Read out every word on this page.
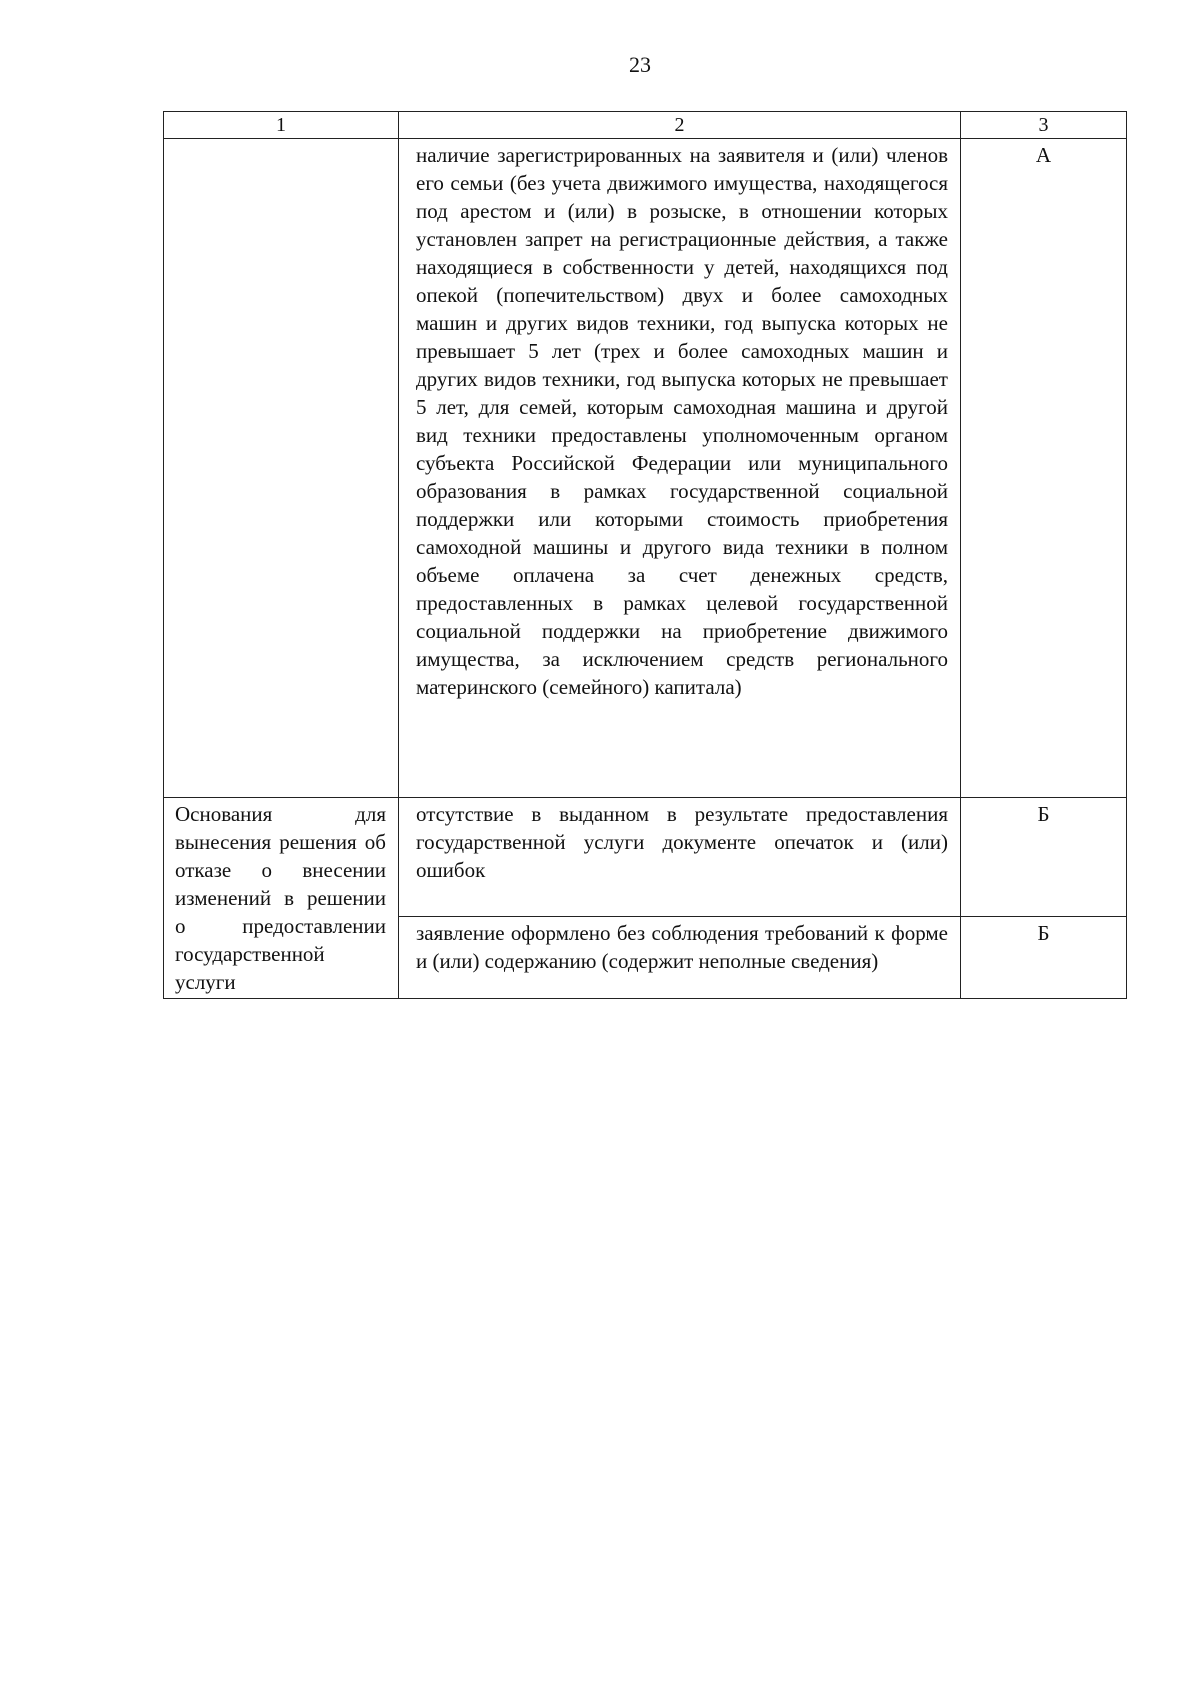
23
1	2	3

	наличие зарегистрированных на заявителя и (или) членов его семьи (без учета движимого имущества, находящегося под арестом и (или) в розыске, в отношении которых установлен запрет на регистрационные действия, а также находящиеся в собственности у детей, находящихся под опекой (попечительством) двух и более самоходных машин и других видов техники, год выпуска которых не превышает 5 лет (трех и более самоходных машин и других видов техники, год выпуска которых не превышает 5 лет, для семей, которым самоходная машина и другой вид техники предоставлены уполномоченным органом субъекта Российской Федерации или муниципального образования в рамках государственной социальной поддержки или которыми стоимость приобретения самоходной машины и другого вида техники в полном объеме оплачена за счет денежных средств, предоставленных в рамках целевой государственной социальной поддержки на приобретение движимого имущества, за исключением средств регионального материнского (семейного) капитала)	А

Основания для вынесения решения об отказе о внесении изменений в решении о предоставлении государственной услуги	отсутствие в выданном в результате предоставления государственной услуги документе опечаток и (или) ошибок	Б

	заявление оформлено без соблюдения требований к форме и (или) содержанию (содержит неполные сведения)	Б
